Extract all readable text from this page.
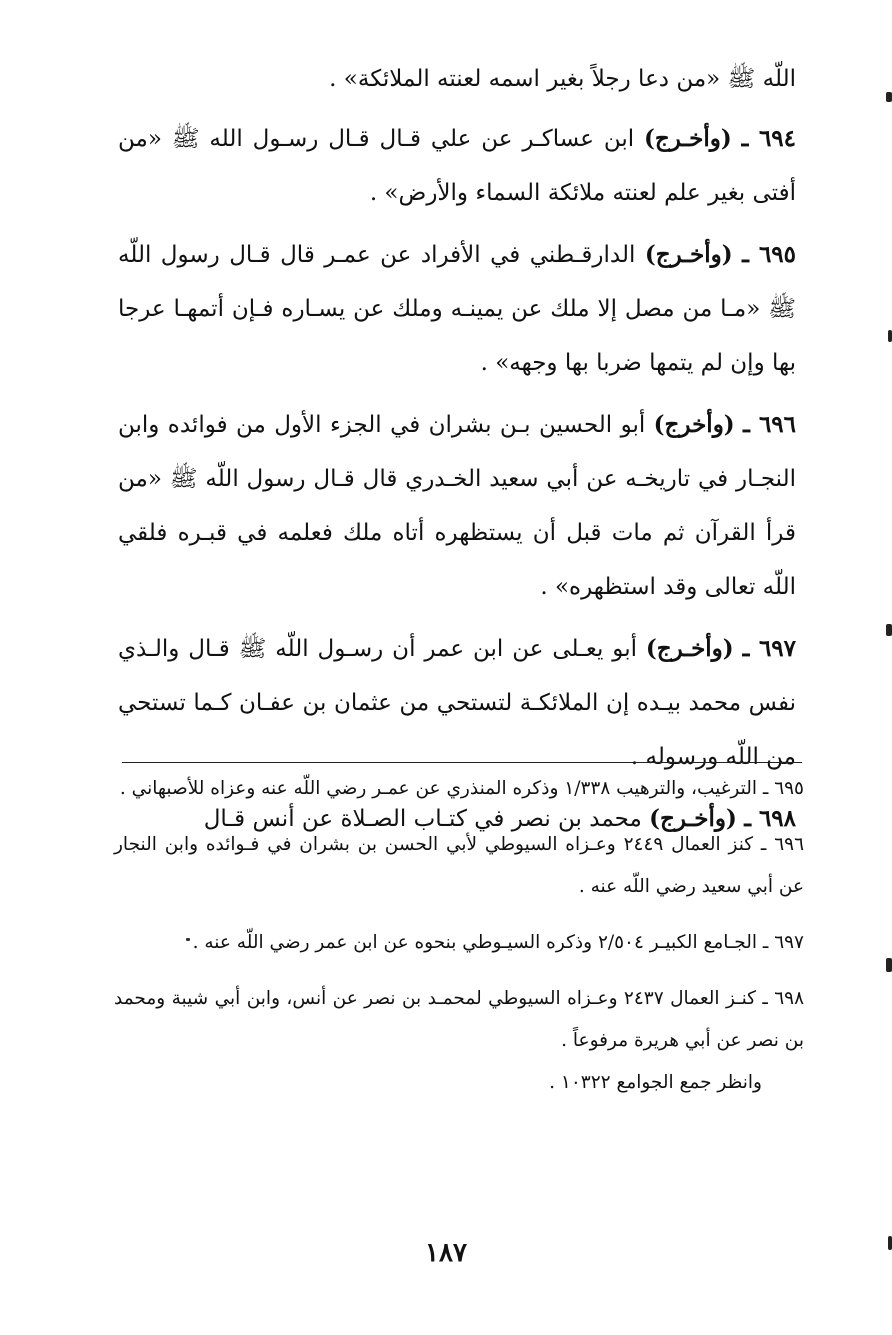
اللّه ﷺ «من دعا رجلاً بغير اسمه لعنته الملائكة» .

٦٩٤ ـ (وأخـرج) ابن عساكـر عن علي قـال قـال رسـول الله ﷺ «من أفتى بغير علم لعنته ملائكة السماء والأرض» .

٦٩٥ ـ (وأخـرج) الدارقـطني في الأفراد عن عمـر قال قـال رسول اللّه ﷺ «مـا من مصل إلا ملك عن يمينـه وملك عن يسـاره فـإن أتمهـا عرجا بها وإن لم يتمها ضربا بها وجهه» .

٦٩٦ ـ (وأخرج) أبو الحسين بـن بشران في الجزء الأول من فوائده وابن النجـار في تاريخـه عن أبي سعيد الخـدري قال قـال رسول اللّه ﷺ «من قرأ القرآن ثم مات قبل أن يستظهره أتاه ملك فعلمه في قبـره فلقي اللّه تعالى وقد استظهره» .

٦٩٧ ـ (وأخـرج) أبو يعـلى عن ابن عمر أن رسـول اللّه ﷺ قـال والـذي نفس محمد بيـده إن الملائكـة لتستحي من عثمان بن عفـان كـما تستحي من اللّه ورسوله .

٦٩٨ ـ (وأخـرج) محمد بن نصر في كتـاب الصـلاة عن أنس قـال

٦٩٥ ـ الترغيب، والترهيب ١/٣٣٨ وذكره المنذري عن عمـر رضي اللّه عنه وعزاه للأصبهاني .

٦٩٦ ـ كنز العمال ٢٤٤٩ وعـزاه السيوطي لأبي الحسن بن بشران في فـوائده وابن النجار عن أبي سعيد رضي اللّه عنه .

٦٩٧ ـ الجـامع الكبيـر ٢/٥٠٤ وذكره السيـوطي بنحوه عن ابن عمر رضي اللّه عنه .

٦٩٨ ـ كنـز العمال ٢٤٣٧ وعـزاه السيوطي لمحمـد بن نصر عن أنس، وابن أبي شيبة ومحمد بن نصر عن أبي هريرة مرفوعاً .
وانظر جمع الجوامع ١٠٣٢٢ .

١٨٧
